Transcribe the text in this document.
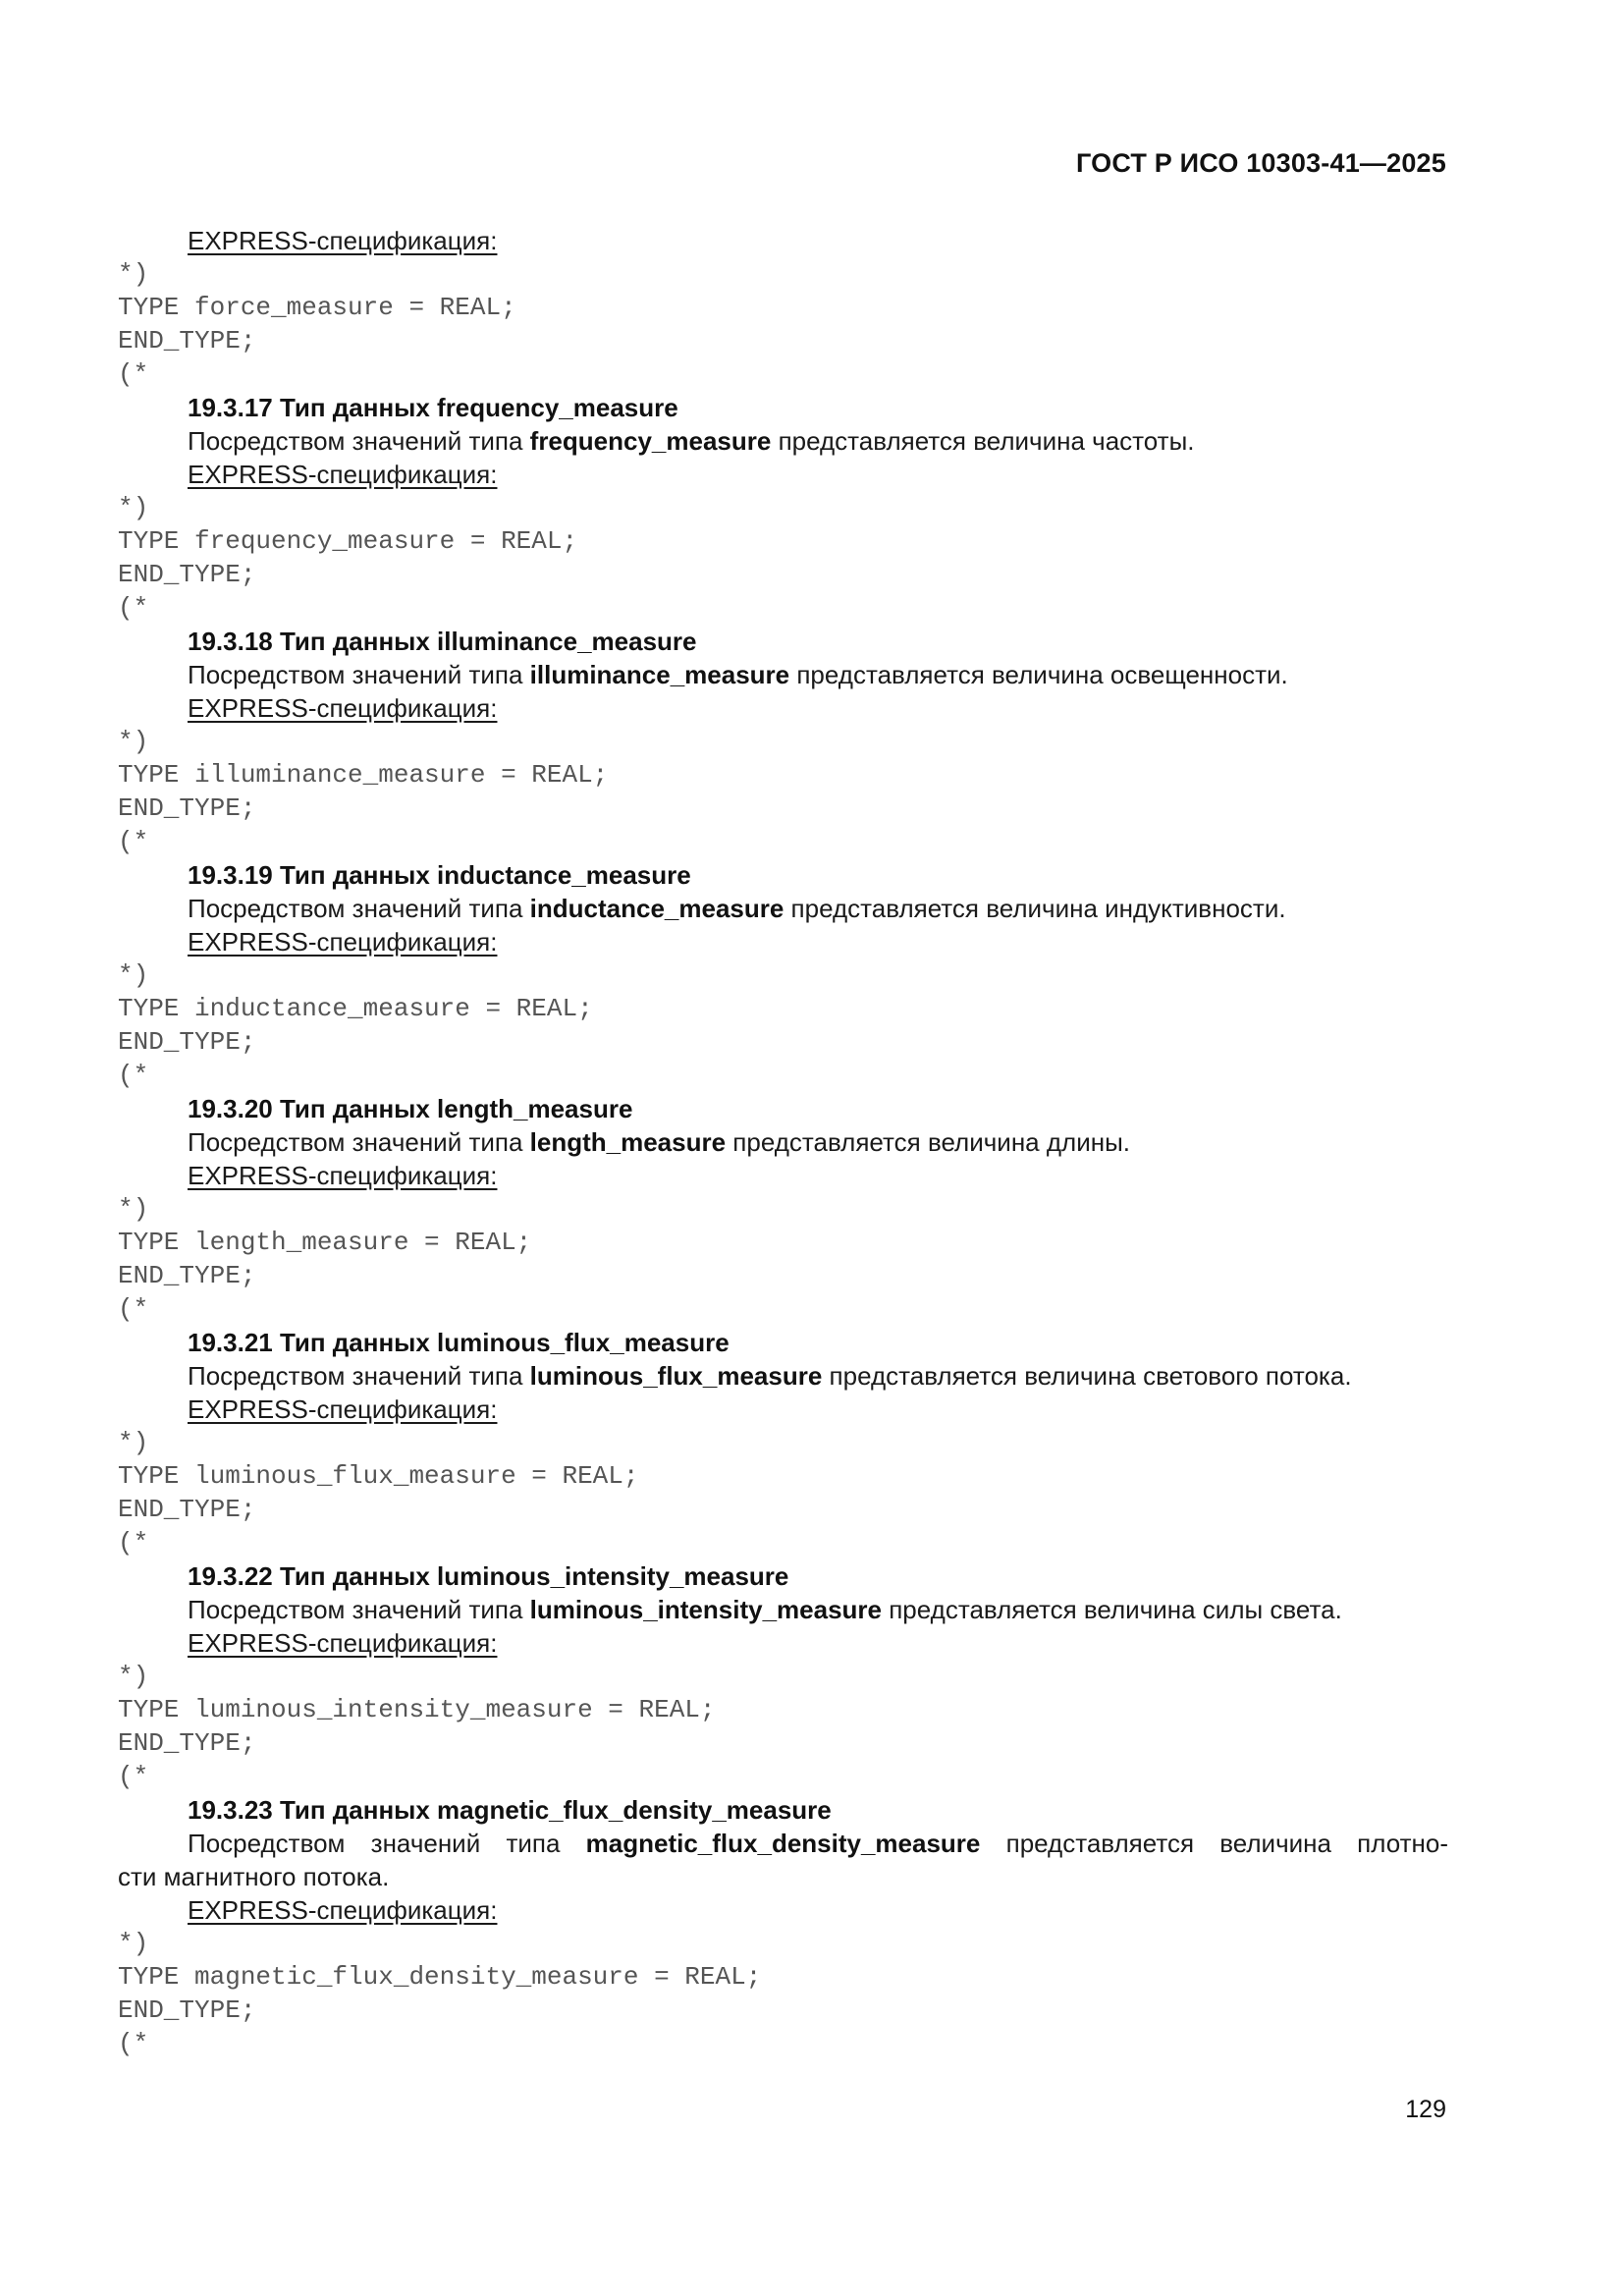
ГОСТ Р ИСО 10303-41—2025
EXPRESS-спецификация:
*)
TYPE force_measure = REAL;
END_TYPE;
(*
19.3.17 Тип данных frequency_measure
Посредством значений типа frequency_measure представляется величина частоты.
EXPRESS-спецификация:
*)
TYPE frequency_measure = REAL;
END_TYPE;
(*
19.3.18 Тип данных illuminance_measure
Посредством значений типа illuminance_measure представляется величина освещенности.
EXPRESS-спецификация:
*)
TYPE illuminance_measure = REAL;
END_TYPE;
(*
19.3.19 Тип данных inductance_measure
Посредством значений типа inductance_measure представляется величина индуктивности.
EXPRESS-спецификация:
*)
TYPE inductance_measure = REAL;
END_TYPE;
(*
19.3.20 Тип данных length_measure
Посредством значений типа length_measure представляется величина длины.
EXPRESS-спецификация:
*)
TYPE length_measure = REAL;
END_TYPE;
(*
19.3.21 Тип данных luminous_flux_measure
Посредством значений типа luminous_flux_measure представляется величина светового потока.
EXPRESS-спецификация:
*)
TYPE luminous_flux_measure = REAL;
END_TYPE;
(*
19.3.22 Тип данных luminous_intensity_measure
Посредством значений типа luminous_intensity_measure представляется величина силы света.
EXPRESS-спецификация:
*)
TYPE luminous_intensity_measure = REAL;
END_TYPE;
(*
19.3.23 Тип данных magnetic_flux_density_measure
Посредством значений типа magnetic_flux_density_measure представляется величина плотно-
сти магнитного потока.
EXPRESS-спецификация:
*)
TYPE magnetic_flux_density_measure = REAL;
END_TYPE;
(*
129
